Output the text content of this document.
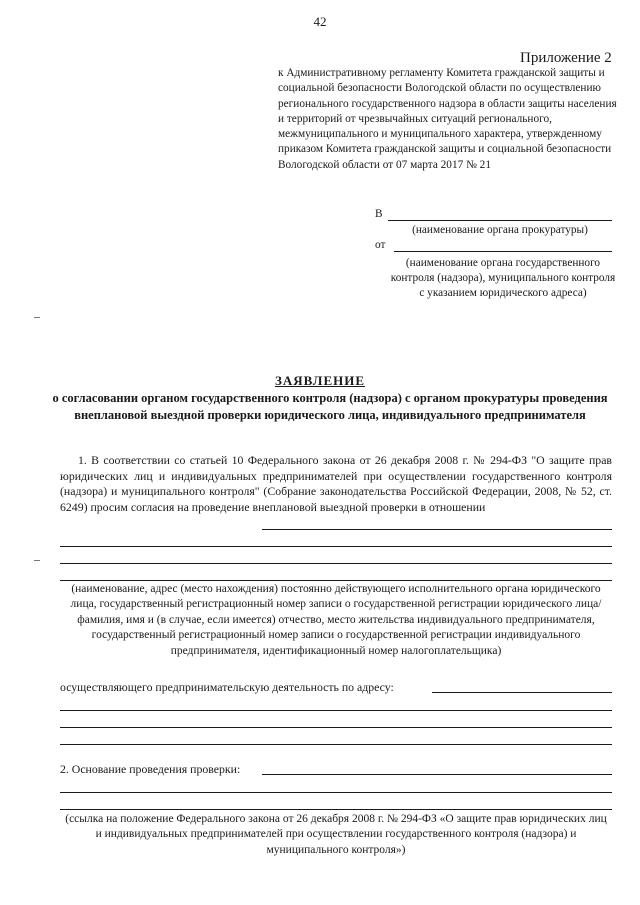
42
Приложение 2
к Административному регламенту Комитета гражданской защиты и социальной безопасности Вологодской области по осуществлению регионального государственного надзора в области защиты населения и территорий от чрезвычайных ситуаций регионального, межмуниципального и муниципального характера, утвержденному приказом Комитета гражданской защиты и социальной безопасности Вологодской области от 07 марта 2017 № 21
В
(наименование органа прокуратуры)
от
(наименование органа государственного контроля (надзора), муниципального контроля с указанием юридического адреса)
ЗАЯВЛЕНИЕ
о согласовании органом государственного контроля (надзора) с органом прокуратуры проведения внеплановой выездной проверки юридического лица, индивидуального предпринимателя
1. В соответствии со статьей 10 Федерального закона от 26 декабря 2008 г. № 294-ФЗ "О защите прав юридических лиц и индивидуальных предпринимателей при осуществлении государственного контроля (надзора) и муниципального контроля" (Собрание законодательства Российской Федерации, 2008, № 52, ст. 6249) просим согласия на проведение внеплановой выездной проверки в отношении
(наименование, адрес (место нахождения) постоянно действующего исполнительного органа юридического лица, государственный регистрационный номер записи о государственной регистрации юридического лица/фамилия, имя и (в случае, если имеется) отчество, место жительства индивидуального предпринимателя, государственный регистрационный номер записи о государственной регистрации индивидуального предпринимателя, идентификационный номер налогоплательщика)
осуществляющего предпринимательскую деятельность по адресу:
2. Основание проведения проверки:
(ссылка на положение Федерального закона от 26 декабря 2008 г. № 294-ФЗ «О защите прав юридических лиц и индивидуальных предпринимателей при осуществлении государственного контроля (надзора) и муниципального контроля»)
